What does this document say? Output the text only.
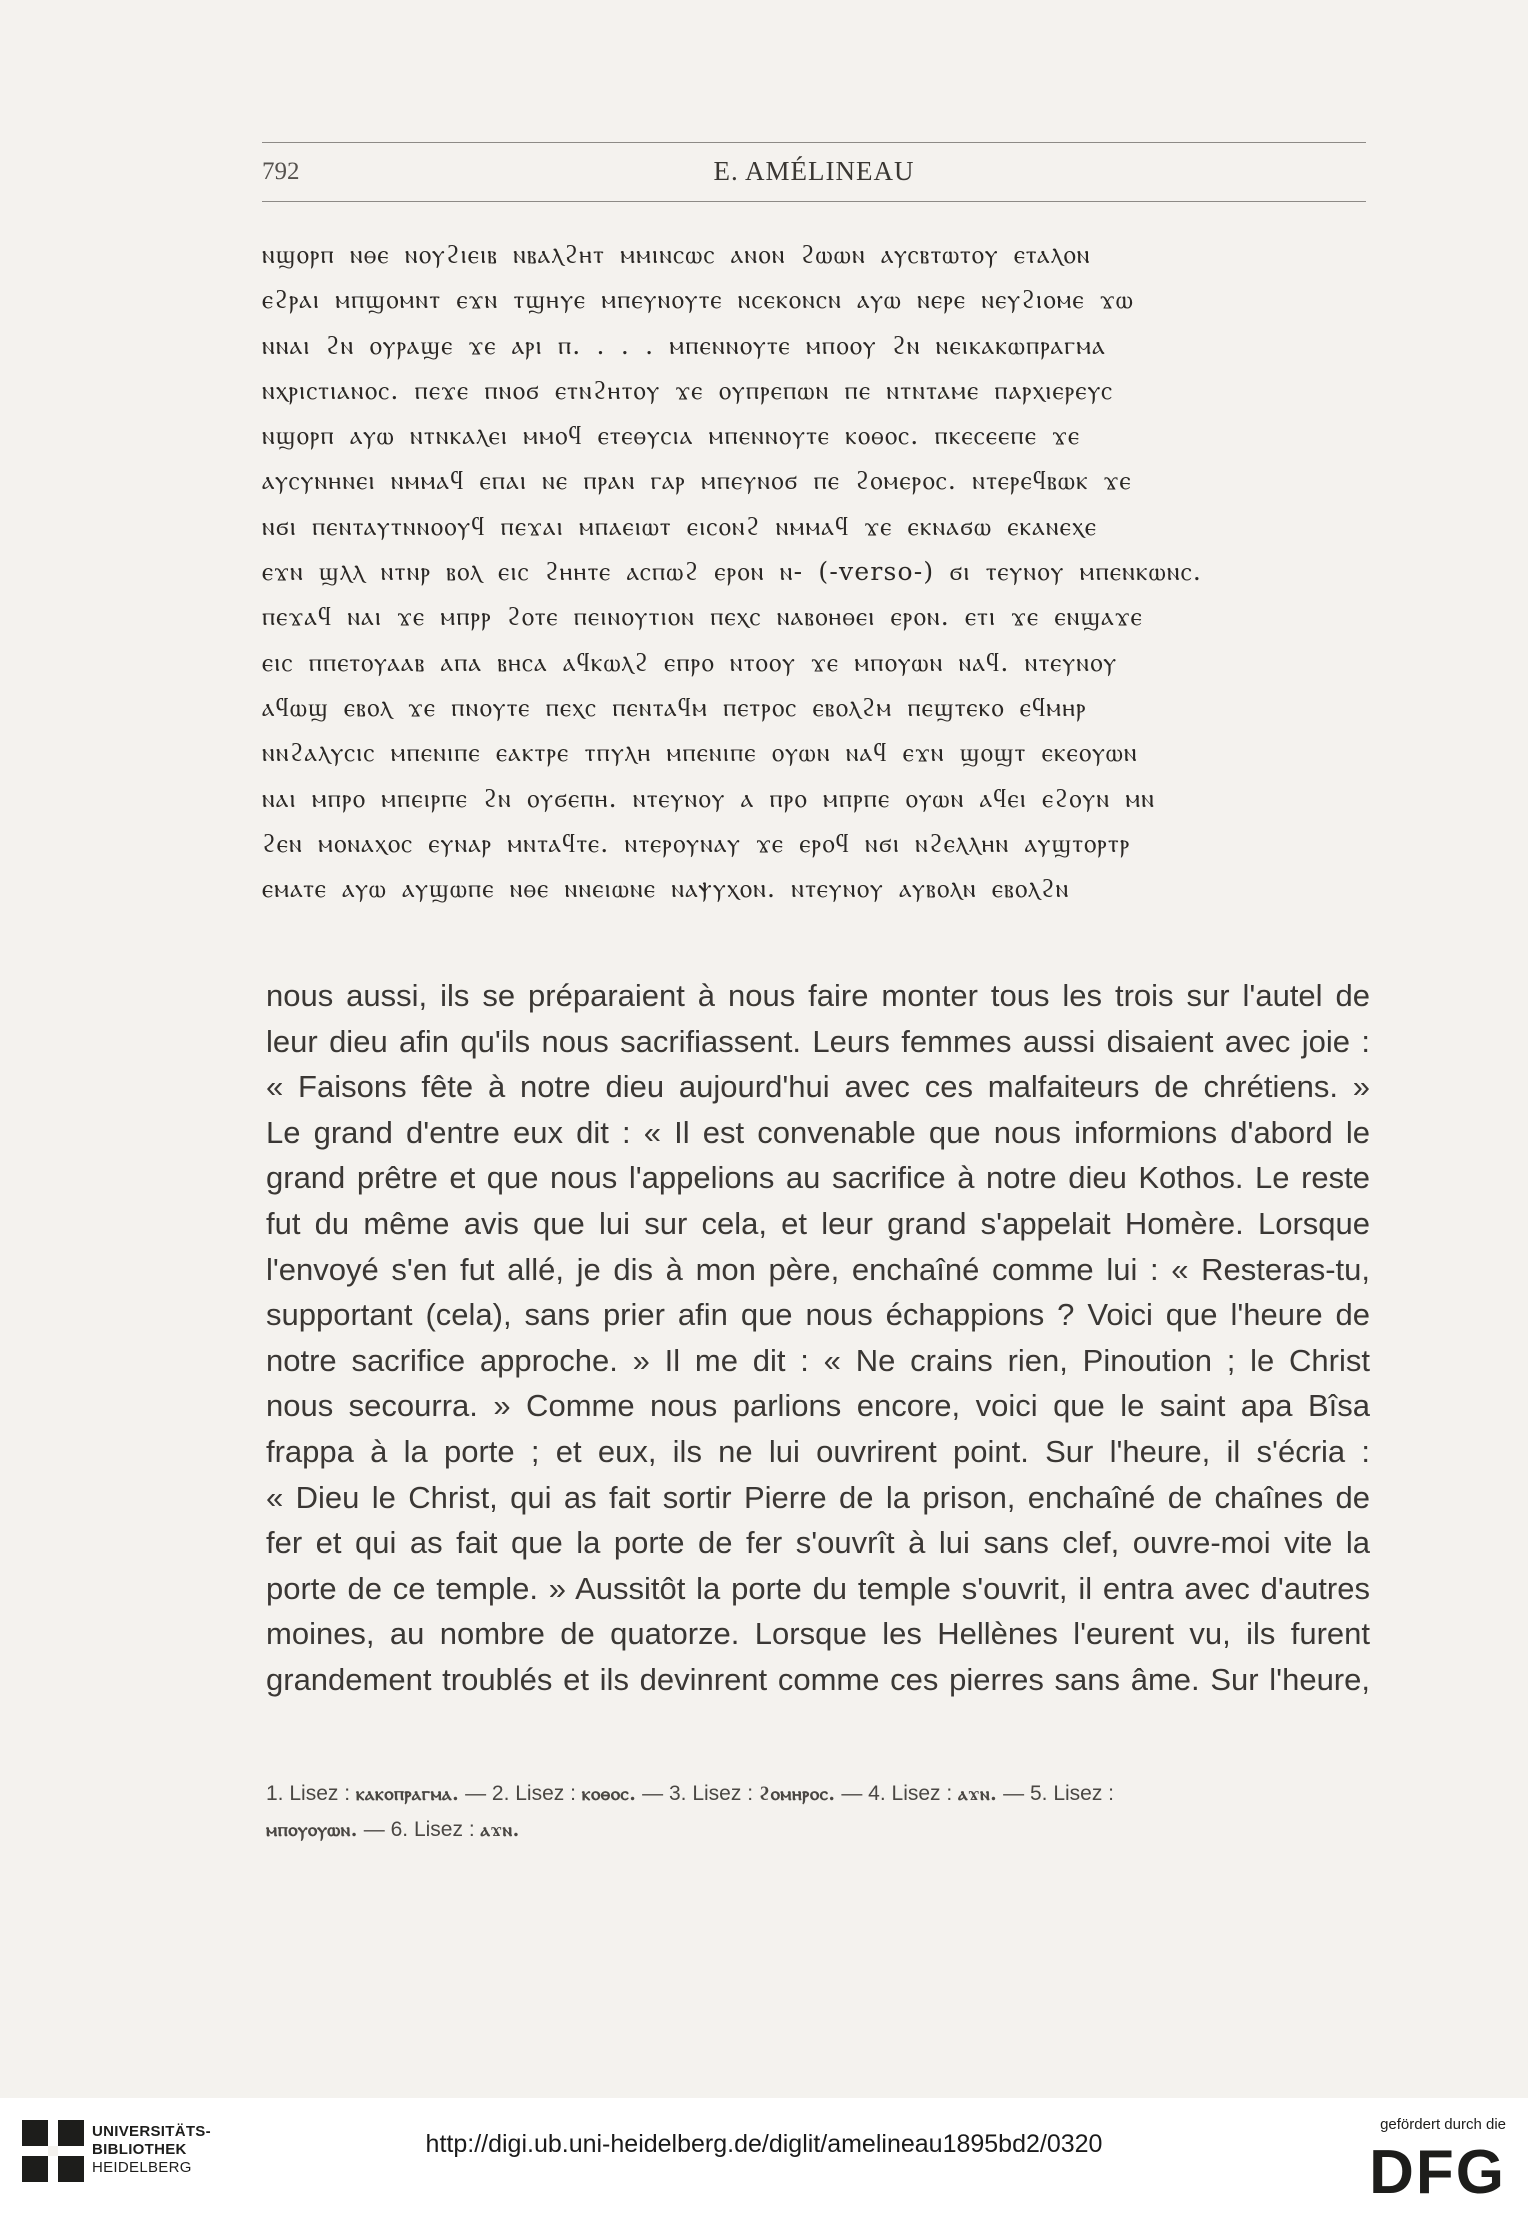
792	E. AMÉLINEAU
ⲛϣⲟⲣⲡ ⲛⲑⲉ ⲛⲟⲩϩⲓⲉⲓⲃ ⲛⲃⲁⲗϩⲏⲧ ⲙⲙⲓⲛⲥⲱⲥ ⲁⲛⲟⲛ ϩⲱⲱⲛ ⲁⲩⲥⲃⲧⲱⲧⲟⲩ ⲉⲧⲁⲗⲟⲛ
ⲉϩⲣⲁⲓ ⲙⲡϣⲟⲙⲛⲧ ⲉϫⲛ ⲧϣⲏⲩⲉ ⲙⲡⲉⲩⲛⲟⲩⲧⲉ ⲛⲥⲉⲕⲟⲛⲥⲛ ⲁⲩⲱ ⲛⲉⲣⲉ ⲛⲉⲩϩⲓⲟⲙⲉ ϫⲱ
ⲛⲛⲁⲓ ϩⲛ ⲟⲩⲣⲁϣⲉ ϫⲉ ⲁⲣⲓ ⲡ. . . . ⲙⲡⲉⲛⲛⲟⲩⲧⲉ ⲙⲡⲟⲟⲩ ϩⲛ ⲛⲉⲓⲕⲁⲕⲱⲡⲣⲁⲅⲙⲁ
ⲛⲭⲣⲓⲥⲧⲓⲁⲛⲟⲥ. ⲡⲉϫⲉ ⲡⲛⲟϭ ⲉⲧⲛϩⲏⲧⲟⲩ ϫⲉ ⲟⲩⲡⲣⲉⲡⲱⲛ ⲡⲉ ⲛⲧⲛⲧⲁⲙⲉ ⲡⲁⲣⲭⲓⲉⲣⲉⲩⲥ
ⲛϣⲟⲣⲡ ⲁⲩⲱ ⲛⲧⲛⲕⲁⲗⲉⲓ ⲙⲙⲟϥ ⲉⲧⲉⲑⲩⲥⲓⲁ ⲙⲡⲉⲛⲛⲟⲩⲧⲉ ⲕⲟⲑⲟⲥ. ⲡⲕⲉⲥⲉⲉⲡⲉ ϫⲉ
ⲁⲩⲥⲩⲛⲏⲛⲉⲓ ⲛⲙⲙⲁϥ ⲉⲡⲁⲓ ⲛⲉ ⲡⲣⲁⲛ ⲅⲁⲣ ⲙⲡⲉⲩⲛⲟϭ ⲡⲉ ϩⲟⲙⲉⲣⲟⲥ. ⲛⲧⲉⲣⲉϥⲃⲱⲕ ϫⲉ
ⲛϭⲓ ⲡⲉⲛⲧⲁⲩⲧⲛⲛⲟⲟⲩϥ ⲡⲉϫⲁⲓ ⲙⲡⲁⲉⲓⲱⲧ ⲉⲓⲥⲟⲛϩ ⲛⲙⲙⲁϥ ϫⲉ ⲉⲕⲛⲁϭⲱ ⲉⲕⲁⲛⲉⲭⲉ
ⲉϫⲛ ϣⲗⲗ ⲛⲧⲛⲣ ⲃⲟⲗ ⲉⲓⲥ ϩⲏⲏⲧⲉ ⲁⲥⲡⲱϩ ⲉⲣⲟⲛ ⲛ- (-verso-) ϭⲓ ⲧⲉⲩⲛⲟⲩ ⲙⲡⲉⲛⲕⲱⲛⲥ.
ⲡⲉϫⲁϥ ⲛⲁⲓ ϫⲉ ⲙⲡⲣⲣ ϩⲟⲧⲉ ⲡⲉⲓⲛⲟⲩⲧⲓⲟⲛ ⲡⲉⲭⲥ ⲛⲁⲃⲟⲏⲑⲉⲓ ⲉⲣⲟⲛ. ⲉⲧⲓ ϫⲉ ⲉⲛϣⲁϫⲉ
ⲉⲓⲥ ⲡⲡⲉⲧⲟⲩⲁⲁⲃ ⲁⲡⲁ ⲃⲏⲥⲁ ⲁϥⲕⲱⲗϩ ⲉⲡⲣⲟ ⲛⲧⲟⲟⲩ ϫⲉ ⲙⲡⲟⲩⲱⲛ ⲛⲁϥ. ⲛⲧⲉⲩⲛⲟⲩ
ⲁϥⲱϣ ⲉⲃⲟⲗ ϫⲉ ⲡⲛⲟⲩⲧⲉ ⲡⲉⲭⲥ ⲡⲉⲛⲧⲁϥⲙ ⲡⲉⲧⲣⲟⲥ ⲉⲃⲟⲗϩⲙ ⲡⲉϣⲧⲉⲕⲟ ⲉϥⲙⲏⲣ
ⲛⲛϩⲁⲗⲩⲥⲓⲥ ⲙⲡⲉⲛⲓⲡⲉ ⲉⲁⲕⲧⲣⲉ ⲧⲡⲩⲗⲏ ⲙⲡⲉⲛⲓⲡⲉ ⲟⲩⲱⲛ ⲛⲁϥ ⲉϫⲛ ϣⲟϣⲧ ⲉⲕⲉⲟⲩⲱⲛ
ⲛⲁⲓ ⲙⲡⲣⲟ ⲙⲡⲉⲓⲣⲡⲉ ϩⲛ ⲟⲩϭⲉⲡⲏ. ⲛⲧⲉⲩⲛⲟⲩ ⲁ ⲡⲣⲟ ⲙⲡⲣⲡⲉ ⲟⲩⲱⲛ ⲁϥⲉⲓ ⲉϩⲟⲩⲛ ⲙⲛ
ϩⲉⲛ ⲙⲟⲛⲁⲭⲟⲥ ⲉⲩⲛⲁⲣ ⲙⲛⲧⲁϥⲧⲉ. ⲛⲧⲉⲣⲟⲩⲛⲁⲩ ϫⲉ ⲉⲣⲟϥ ⲛϭⲓ ⲛϩⲉⲗⲗⲏⲛ ⲁⲩϣⲧⲟⲣⲧⲣ
ⲉⲙⲁⲧⲉ ⲁⲩⲱ ⲁⲩϣⲱⲡⲉ ⲛⲑⲉ ⲛⲛⲉⲓⲱⲛⲉ ⲛⲁⲯⲩⲭⲟⲛ. ⲛⲧⲉⲩⲛⲟⲩ ⲁⲩⲃⲟⲗⲛ ⲉⲃⲟⲗϩⲛ
nous aussi, ils se préparaient à nous faire monter tous les trois sur l'autel de
leur dieu afin qu'ils nous sacrifiassent. Leurs femmes aussi disaient avec joie :
« Faisons fête à notre dieu aujourd'hui avec ces malfaiteurs de chrétiens. »
Le grand d'entre eux dit : « Il est convenable que nous informions d'abord le
grand prêtre et que nous l'appelions au sacrifice à notre dieu Kothos. Le reste
fut du même avis que lui sur cela, et leur grand s'appelait Homère. Lorsque
l'envoyé s'en fut allé, je dis à mon père, enchaîné comme lui : « Resteras-tu,
supportant (cela), sans prier afin que nous échappions ? Voici que l'heure de
notre sacrifice approche. » Il me dit : « Ne crains rien, Pinoution ; le Christ
nous secourra. » Comme nous parlions encore, voici que le saint apa Bîsa
frappa à la porte ; et eux, ils ne lui ouvrirent point. Sur l'heure, il s'écria :
« Dieu le Christ, qui as fait sortir Pierre de la prison, enchaîné de chaînes de
fer et qui as fait que la porte de fer s'ouvrît à lui sans clef, ouvre-moi vite la
porte de ce temple. » Aussitôt la porte du temple s'ouvrit, il entra avec d'autres
moines, au nombre de quatorze. Lorsque les Hellènes l'eurent vu, ils furent
grandement troublés et ils devinrent comme ces pierres sans âme. Sur l'heure,
1. Lisez : ⲕⲁⲕⲟⲡⲣⲁⲅⲙⲁ. — 2. Lisez : ⲕⲟⲑⲟⲥ. — 3. Lisez : ϩⲟⲙⲏⲣⲟⲥ. — 4. Lisez : ⲁϫⲛ. — 5. Lisez :
ⲙⲡⲟⲩⲟⲩⲱⲛ. — 6. Lisez : ⲁϫⲛ.
UNIVERSITÄTS-
BIBLIOTHEK
HEIDELBERG
http://digi.ub.uni-heidelberg.de/diglit/amelineau1895bd2/0320
gefördert durch die
DFG
